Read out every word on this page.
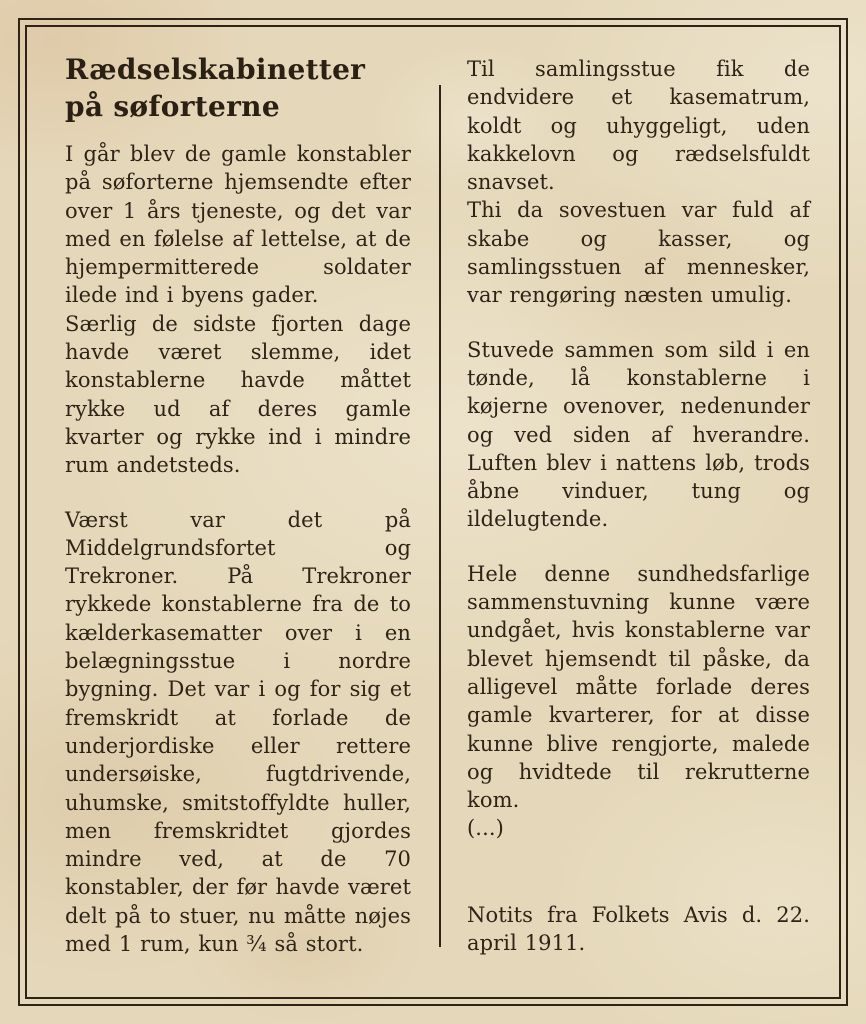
Rædselskabinetter
på søforterne

I går blev de gamle konstabler på søforterne hjemsendte efter over 1 års tjeneste, og det var med en følelse af lettelse, at de hjempermitterede soldater ilede ind i byens gader.

Særlig de sidste fjorten dage havde været slemme, idet konstablerne havde måttet rykke ud af deres gamle kvarter og rykke ind i mindre rum andetsteds.

Værst var det på Middelgrundsfortet og Trekroner. På Trekroner rykkede konstablerne fra de to kælderkasematter over i en belægningsstue i nordre bygning. Det var i og for sig et fremskridt at forlade de underjordiske eller rettere undersøiske, fugtdrivende, uhumske, smitstoffyldte huller, men fremskridtet gjordes mindre ved, at de 70 konstabler, der før havde været delt på to stuer, nu måtte nøjes med 1 rum, kun ¾ så stort.

Til samlingsstue fik de endvidere et kasematrum, koldt og uhyggeligt, uden kakkelovn og rædselsfuldt snavset.

Thi da sovestuen var fuld af skabe og kasser, og samlingsstuen af mennesker, var rengøring næsten umulig.

Stuvede sammen som sild i en tønde, lå konstablerne i køjerne ovenover, nedenunder og ved siden af hverandre. Luften blev i nattens løb, trods åbne vinduer, tung og ildelugtende.

Hele denne sundhedsfarlige sammenstuvning kunne være undgået, hvis konstablerne var blevet hjemsendt til påske, da alligevel måtte forlade deres gamle kvarterer, for at disse kunne blive rengjorte, malede og hvidtede til rekrutterne kom.

(...)

Notits fra Folkets Avis d. 22. april 1911.
